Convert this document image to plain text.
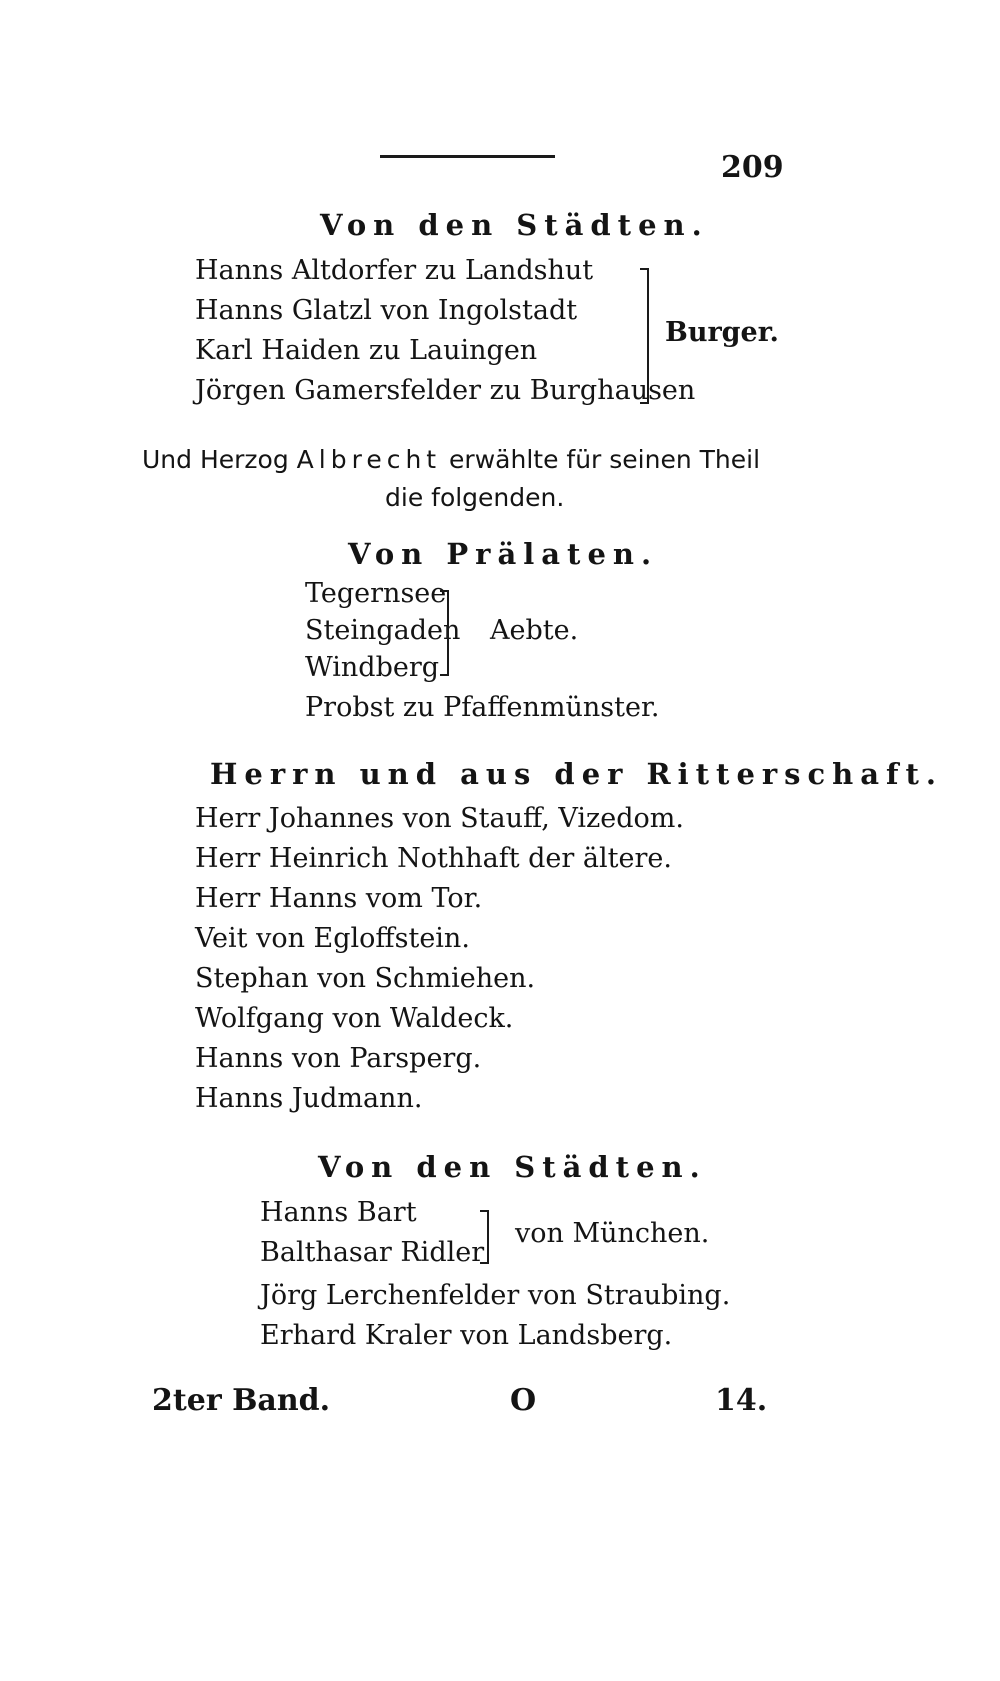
209
Von den Städten.
Hanns Altdorfer zu Landshut
Hanns Glatzl von Ingolstadt
Karl Haiden zu Lauingen
Jörgen Gamersfelder zu Burghausen
Burger.
Und Herzog Albrecht erwählte für seinen Theil
die folgenden.
Von Prälaten.
Tegernsee
Steingaden
Windberg
Aebte.
Probst zu Pfaffenmünster.
Herrn und aus der Ritterschaft.
Herr Johannes von Stauff, Vizedom.
Herr Heinrich Nothhaft der ältere.
Herr Hanns vom Tor.
Veit von Egloffstein.
Stephan von Schmiehen.
Wolfgang von Waldeck.
Hanns von Parsperg.
Hanns Judmann.
Von den Städten.
Hanns Bart
Balthasar Ridler
von München.
Jörg Lerchenfelder von Straubing.
Erhard Kraler von Landsberg.
2ter Band.	O	14.
